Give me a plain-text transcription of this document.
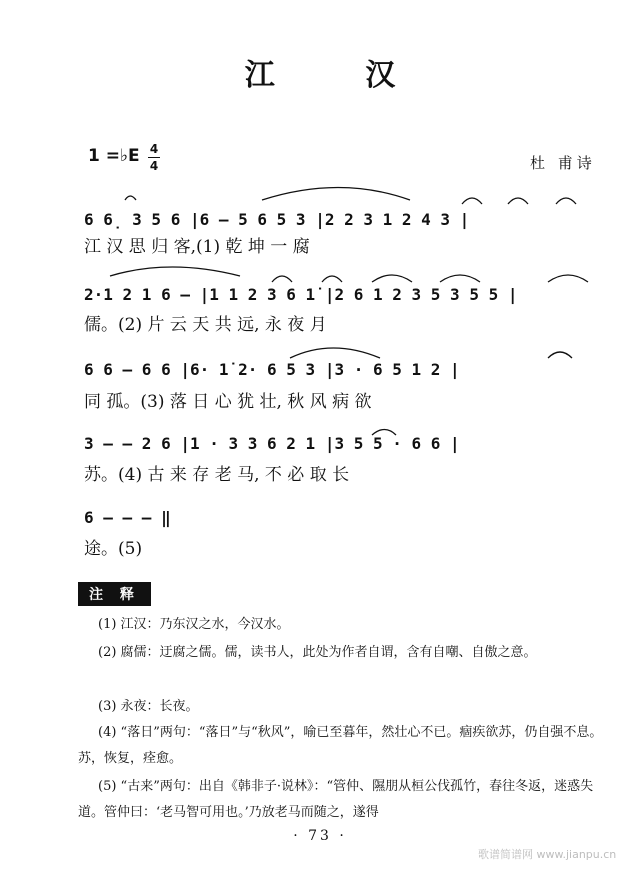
江 汉
1 =♭E 4
4	杜 甫诗
6 6̣ 3 5 6 |6 – 5 6 5 3 |2 2 3 1 2 4 3 |
江 汉 思 归 客,(1) 乾 坤 一 腐
2·1 2 1 6 – |1 1 2 3 6 1̇ |2 6 1 2 3 5 3 5 5 |
儒。(2) 片 云 天 共 远, 永 夜 月
6 6 – 6 6 |6· 1̇ 2· 6 5 3 |3 · 6 5 1 2 |
同 孤。(3) 落 日 心 犹 壮, 秋 风 病 欲
3 – – 2 6 |1 · 3 3 6 2 1 |3 5 5 · 6 6 |
苏。(4) 古 来 存 老 马, 不 必 取 长
6 – – – ‖
途。(5)
注 释
(1) 江汉：乃东汉之水，今汉水。
(2) 腐儒：迂腐之儒。儒，读书人，此处为作者自谓，含有自嘲、自傲之意。
(3) 永夜：长夜。
(4) “落日”两句：“落日”与“秋风”，喻已至暮年，然壮心不已。痼疾欲苏，仍自强不息。苏，恢复，痊愈。
(5) “古来”两句：出自《韩非子·说林》：“管仲、隰朋从桓公伐孤竹，春往冬返，迷惑失道。管仲曰：‘老马智可用也。’乃放老马而随之，遂得
· 73 ·
歌谱简谱网 www.jianpu.cn
